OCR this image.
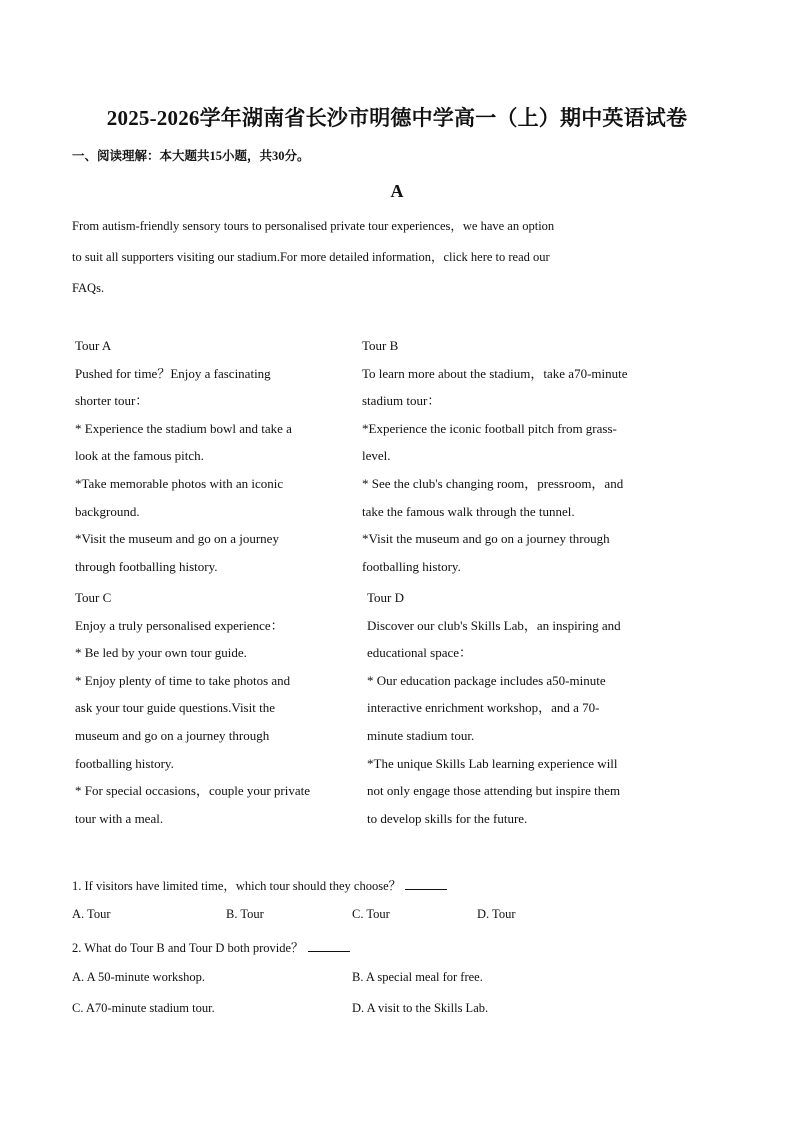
2025-2026学年湖南省长沙市明德中学高一（上）期中英语试卷

一、阅读理解：本大题共15小题，共30分。

A

From autism-friendly sensory tours to personalised private tour experiences，we have an option
to suit all supporters visiting our stadium.For more detailed information，click here to read our
FAQs.
Tour A
Pushed for time？Enjoy a fascinating
shorter tour：
* Experience the stadium bowl and take a
look at the famous pitch.
*Take memorable photos with an iconic
background.
*Visit the museum and go on a journey
through footballing history.
Tour B
To learn more about the stadium，take a70-minute
stadium tour：
*Experience the iconic football pitch from grass-
level.
* See the club's changing room，pressroom，and
take the famous walk through the tunnel.
*Visit the museum and go on a journey through
footballing history.
Tour C
Enjoy a truly personalised experience：
* Be led by your own tour guide.
* Enjoy plenty of time to take photos and
ask your tour guide questions.Visit the
museum and go on a journey through
footballing history.
* For special occasions，couple your private
tour with a meal.
Tour D
Discover our club's Skills Lab，an inspiring and
educational space：
* Our education package includes a50-minute
interactive enrichment workshop，and a 70-
minute stadium tour.
*The unique Skills Lab learning experience will
not only engage those attending but inspire them
to develop skills for the future.
1. If visitors have limited time，which tour should they choose？
A. Tour	B. Tour	C. Tour	D. Tour
2. What do Tour B and Tour D both provide？
A. A 50-minute workshop.	B. A special meal for free.
C. A70-minute stadium tour.	D. A visit to the Skills Lab.
